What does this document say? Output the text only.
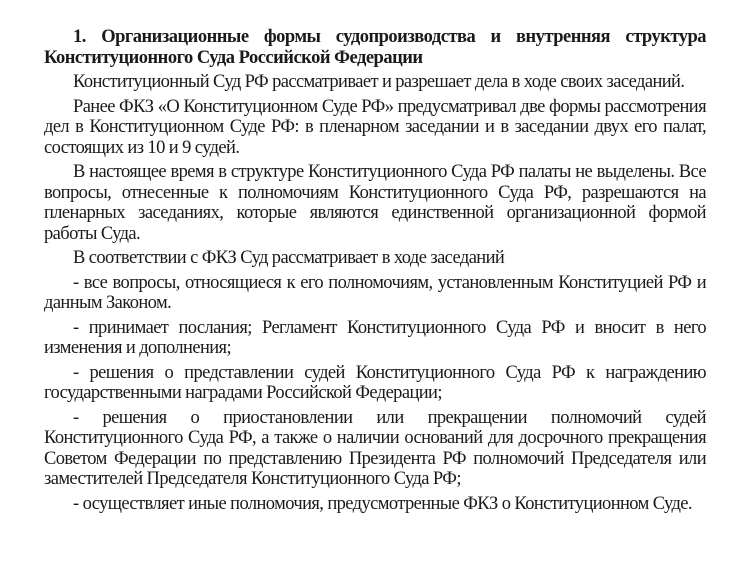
1. Организационные формы судопроизводства и внутренняя структура Конституционного Суда Российской Федерации

Конституционный Суд РФ рассматривает и разрешает дела в ходе своих заседаний.

Ранее ФКЗ «О Конституционном Суде РФ» предусматривал две формы рассмотрения дел в Конституционном Суде РФ: в пленарном заседании и в заседании двух его палат, состоящих из 10 и 9 судей.

В настоящее время в структуре Конституционного Суда РФ палаты не выделены. Все вопросы, отнесенные к полномочиям Конституционного Суда РФ, разрешаются на пленарных заседаниях, которые являются единственной организационной формой работы Суда.

В соответствии с ФКЗ Суд рассматривает в ходе заседаний

- все вопросы, относящиеся к его полномочиям, установленным Конституцией РФ и данным Законом.

- принимает послания; Регламент Конституционного Суда РФ и вносит в него изменения и дополнения;

- решения о представлении судей Конституционного Суда РФ к награждению государственными наградами Российской Федерации;

- решения о приостановлении или прекращении полномочий судей Конституционного Суда РФ, а также о наличии оснований для досрочного прекращения Советом Федерации по представлению Президента РФ полномочий Председателя или заместителей Председателя Конституционного Суда РФ;

- осуществляет иные полномочия, предусмотренные ФКЗ о Конституционном Суде.
